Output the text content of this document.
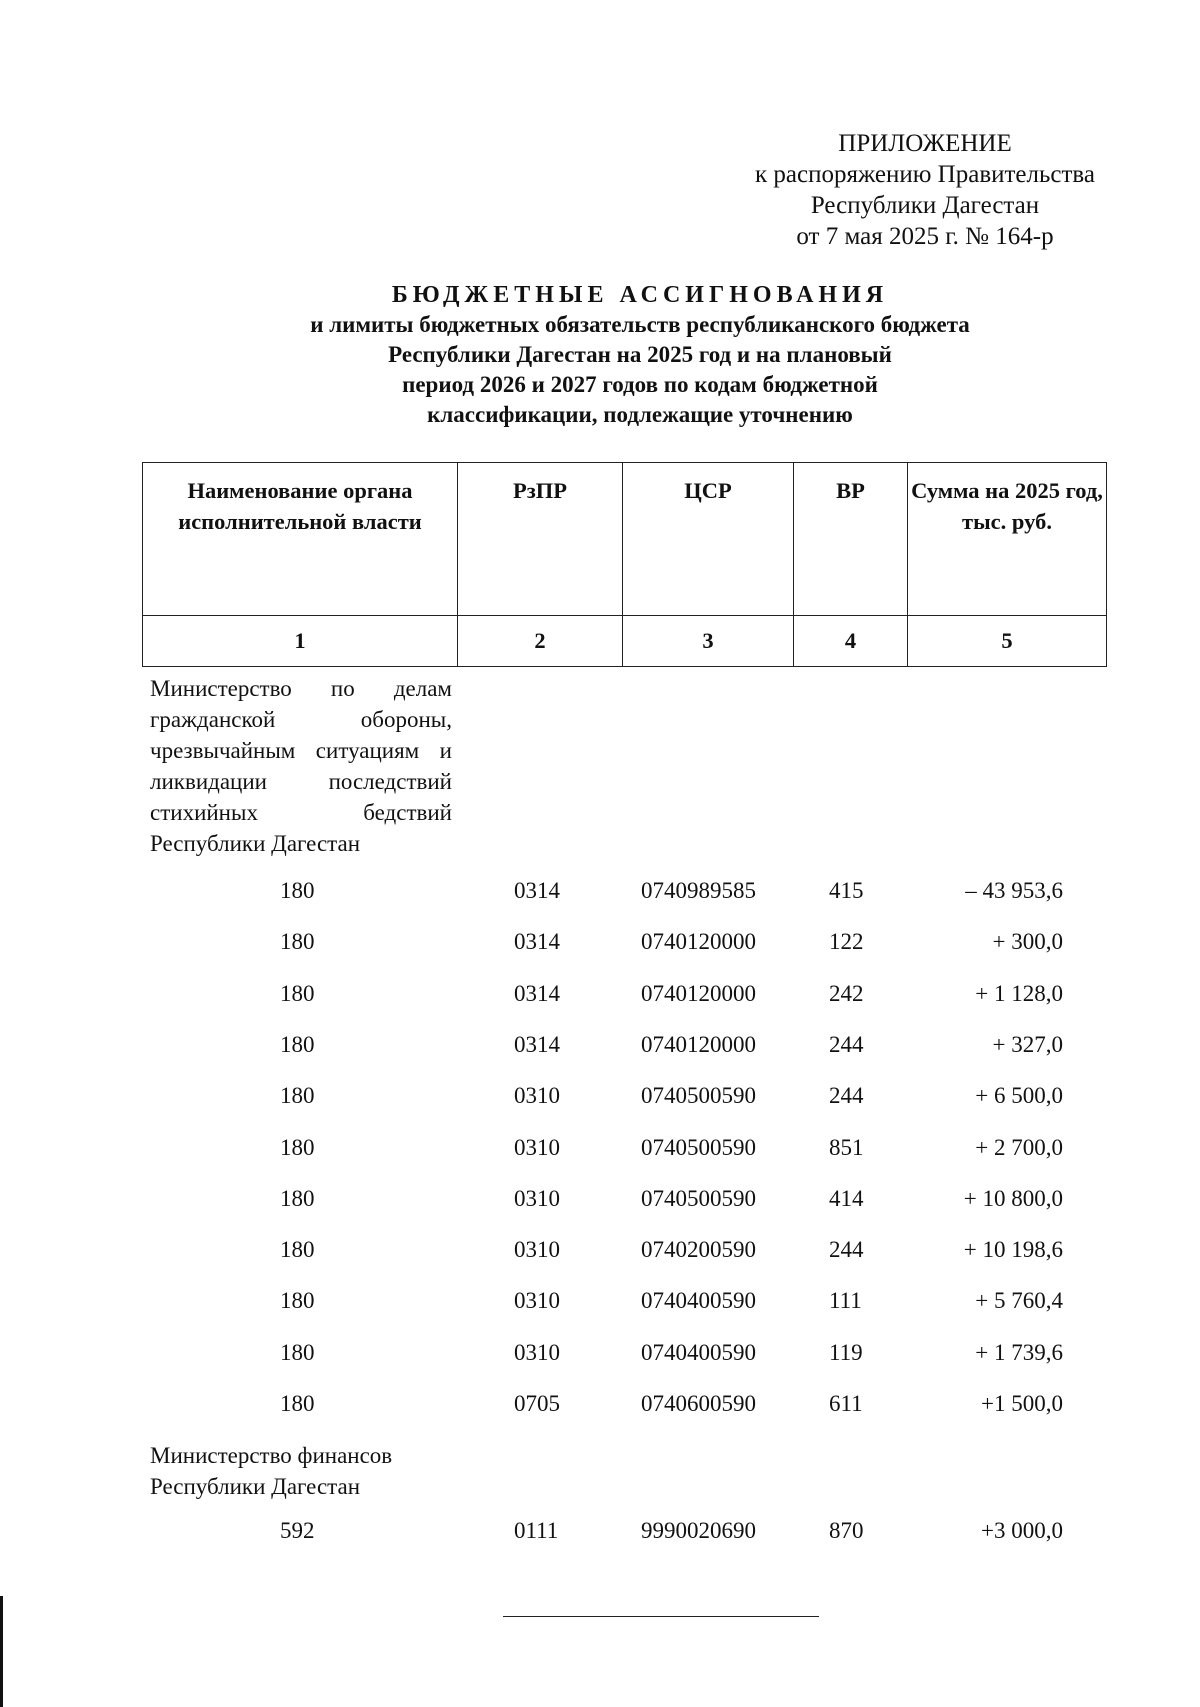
ПРИЛОЖЕНИЕ
к распоряжению Правительства
Республики Дагестан
от 7 мая 2025 г. № 164-р
БЮДЖЕТНЫЕ АССИГНОВАНИЯ
и лимиты бюджетных обязательств республиканского бюджета
Республики Дагестан на 2025 год и на плановый
период 2026 и 2027 годов по кодам бюджетной
классификации, подлежащие уточнению
Наименование органа исполнительной власти	РзПР	ЦСР	ВР	Сумма на 2025 год, тыс. руб.
1	2	3	4	5
Министерство по делам гражданской обороны, чрезвычайным ситуациям и ликвидации последствий стихийных бедствий Республики Дагестан
180	0314	0740989585	415	– 43 953,6
180	0314	0740120000	122	+ 300,0
180	0314	0740120000	242	+ 1 128,0
180	0314	0740120000	244	+ 327,0
180	0310	0740500590	244	+ 6 500,0
180	0310	0740500590	851	+ 2 700,0
180	0310	0740500590	414	+ 10 800,0
180	0310	0740200590	244	+ 10 198,6
180	0310	0740400590	111	+ 5 760,4
180	0310	0740400590	119	+ 1 739,6
180	0705	0740600590	611	+1 500,0
Министерство финансов Республики Дагестан
592	0111	9990020690	870	+3 000,0
